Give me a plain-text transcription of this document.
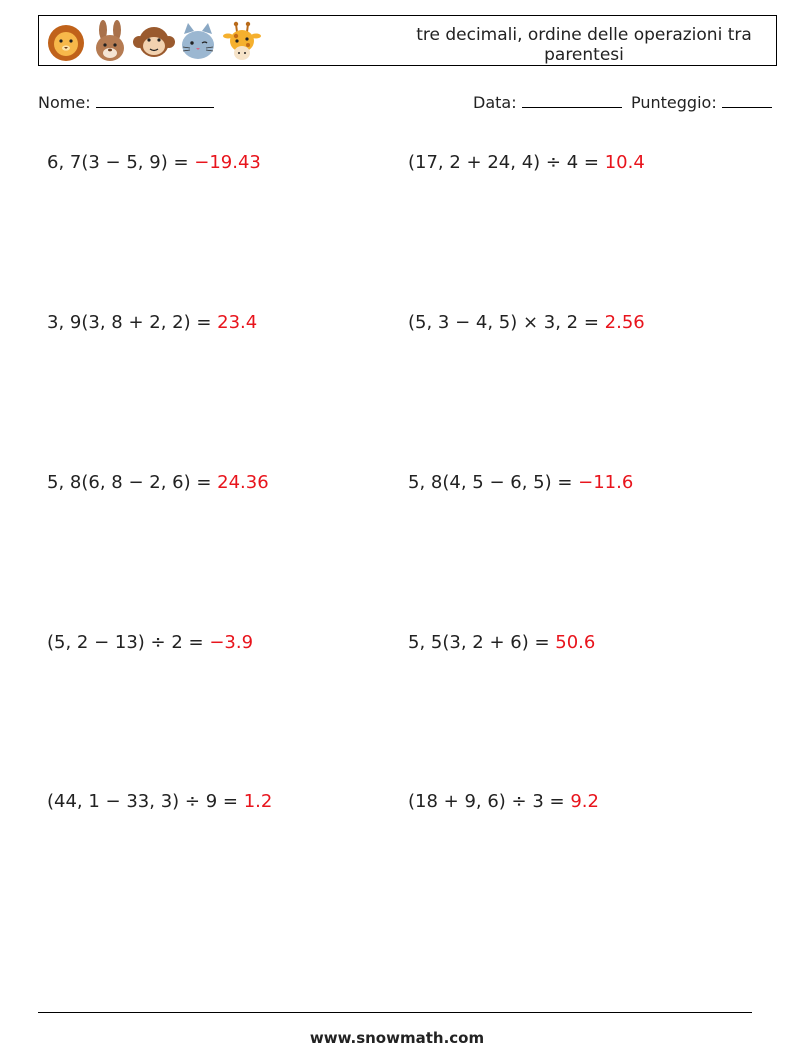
tre decimali, ordine delle operazioni tra parentesi
Nome:	Data:	Punteggio:
6, 7(3 − 5, 9) = −19.43	(17, 2 + 24, 4) ÷ 4 = 10.4
3, 9(3, 8 + 2, 2) = 23.4	(5, 3 − 4, 5) × 3, 2 = 2.56
5, 8(6, 8 − 2, 6) = 24.36	5, 8(4, 5 − 6, 5) = −11.6
(5, 2 − 13) ÷ 2 = −3.9	5, 5(3, 2 + 6) = 50.6
(44, 1 − 33, 3) ÷ 9 = 1.2	(18 + 9, 6) ÷ 3 = 9.2
www.snowmath.com
